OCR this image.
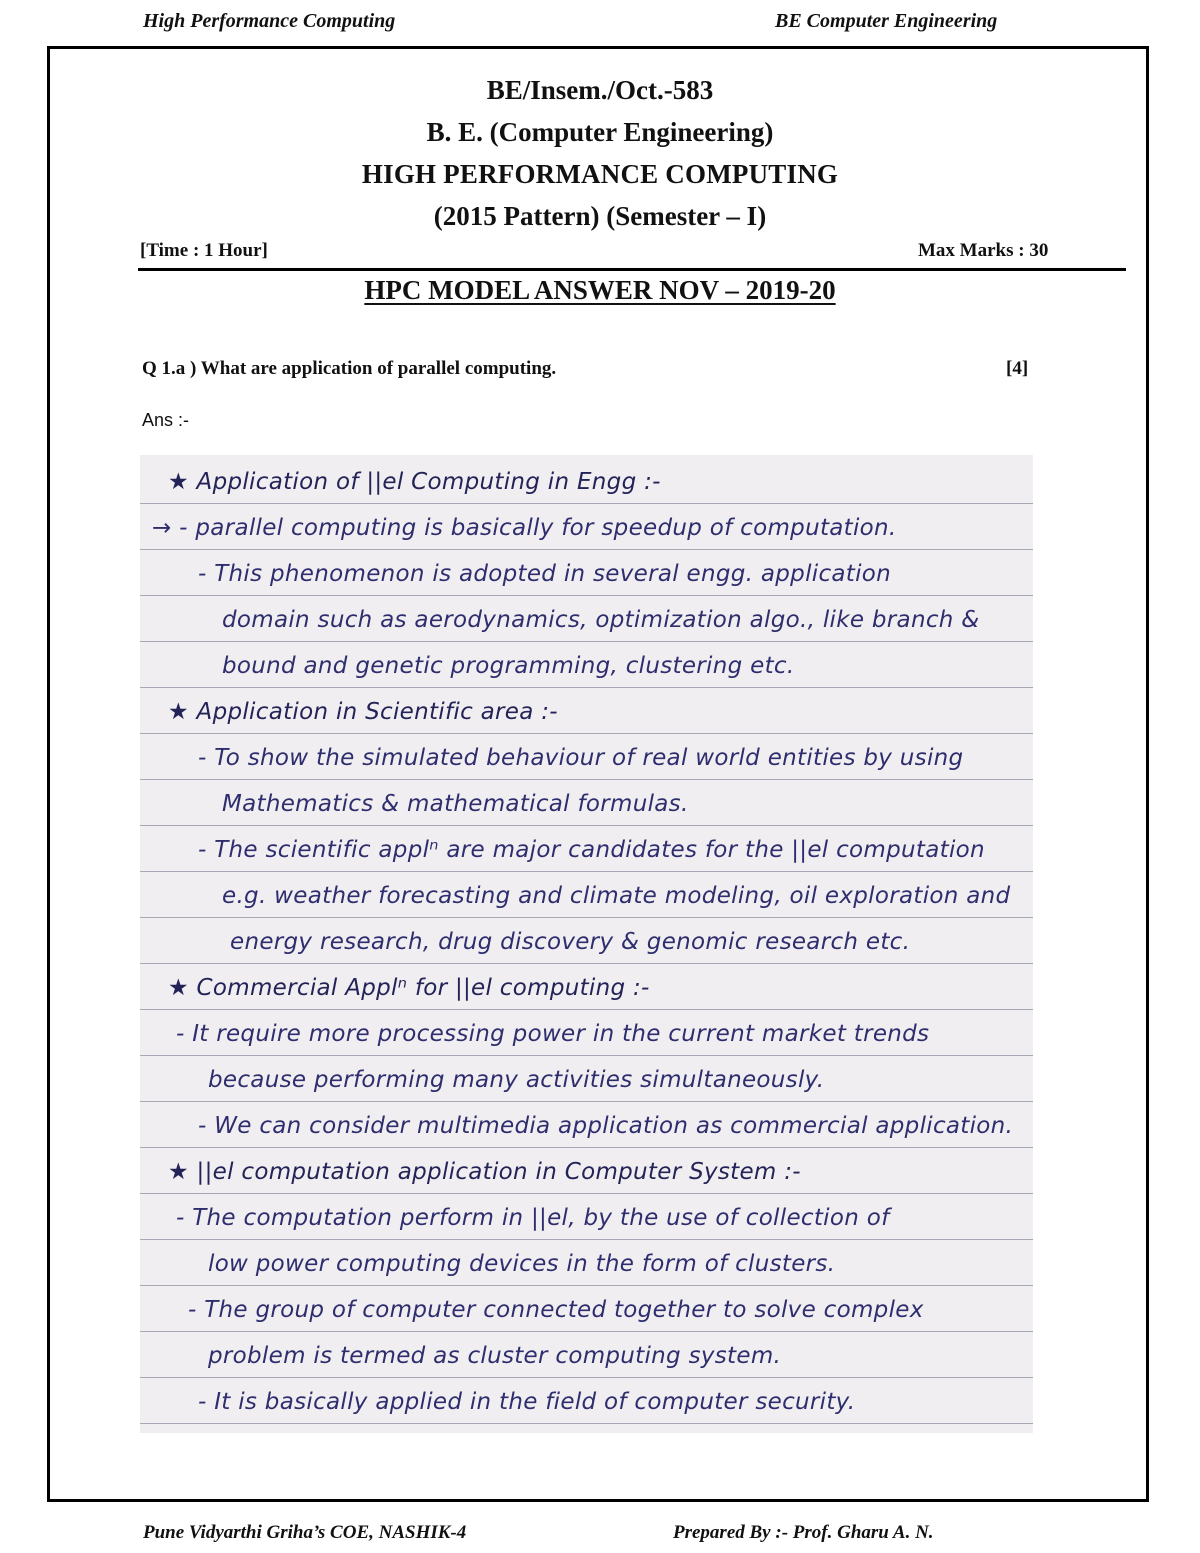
High Performance Computing	BE Computer Engineering
BE/Insem./Oct.-583
B. E. (Computer Engineering)
HIGH PERFORMANCE COMPUTING
(2015 Pattern) (Semester – I)
[Time : 1 Hour]	Max Marks : 30
HPC MODEL ANSWER NOV – 2019-20
Q 1.a ) What are application of parallel computing.	[4]
Ans :-
★ Application of ||el Computing in Engg :-
→ - parallel computing is basically for speedup of computation.
- This phenomenon is adopted in several engg. application
domain such as aerodynamics, optimization algo., like branch &
bound and genetic programming, clustering etc.
★ Application in Scientific area :-
- To show the simulated behaviour of real world entities by using
Mathematics & mathematical formulas.
- The scientific applⁿ are major candidates for the ||el computation
e.g. weather forecasting and climate modeling, oil exploration and
energy research, drug discovery & genomic research etc.
★ Commercial Applⁿ for ||el computing :-
- It require more processing power in the current market trends
because performing many activities simultaneously.
- We can consider multimedia application as commercial application.
★ ||el computation application in Computer System :-
- The computation perform in ||el, by the use of collection of
low power computing devices in the form of clusters.
- The group of computer connected together to solve complex
problem is termed as cluster computing system.
- It is basically applied in the field of computer security.
Pune Vidyarthi Griha’s COE, NASHIK-4	Prepared By :- Prof. Gharu A. N.
